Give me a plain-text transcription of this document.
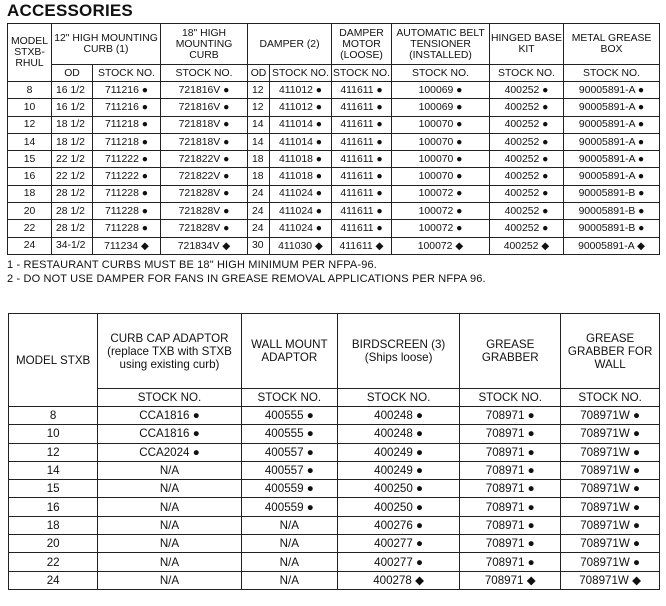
ACCESSORIES
MODEL STXB-RHUL	12" HIGH MOUNTING CURB (1)		18" HIGH MOUNTING CURB	DAMPER (2)		DAMPER MOTOR (LOOSE)	AUTOMATIC BELT TENSIONER (INSTALLED)	HINGED BASE KIT	METAL GREASE BOX
	OD	STOCK NO.	STOCK NO.	OD	STOCK NO.	STOCK NO.	STOCK NO.	STOCK NO.	STOCK NO.
8	16 1/2	711216 ●	721816V ●	12	411012 ●	411611 ●	100069 ●	400252 ●	90005891-A ●
10	16 1/2	711216 ●	721816V ●	12	411012 ●	411611 ●	100069 ●	400252 ●	90005891-A ●
12	18 1/2	711218 ●	721818V ●	14	411014 ●	411611 ●	100070 ●	400252 ●	90005891-A ●
14	18 1/2	711218 ●	721818V ●	14	411014 ●	411611 ●	100070 ●	400252 ●	90005891-A ●
15	22 1/2	711222 ●	721822V ●	18	411018 ●	411611 ●	100070 ●	400252 ●	90005891-A ●
16	22 1/2	711222 ●	721822V ●	18	411018 ●	411611 ●	100070 ●	400252 ●	90005891-A ●
18	28 1/2	711228 ●	721828V ●	24	411024 ●	411611 ●	100072 ●	400252 ●	90005891-B ●
20	28 1/2	711228 ●	721828V ●	24	411024 ●	411611 ●	100072 ●	400252 ●	90005891-B ●
22	28 1/2	711228 ●	721828V ●	24	411024 ●	411611 ●	100072 ●	400252 ●	90005891-B ●
24	34-1/2	711234 ◆	721834V ◆	30	411030 ◆	411611 ◆	100072 ◆	400252 ◆	90005891-A ◆
1 - RESTAURANT CURBS MUST BE 18" HIGH MINIMUM PER NFPA-96.
2 - DO NOT USE DAMPER FOR FANS IN GREASE REMOVAL APPLICATIONS PER NFPA 96.
MODEL STXB	CURB CAP ADAPTOR (replace TXB with STXB using existing curb)	WALL MOUNT ADAPTOR	BIRDSCREEN (3) (Ships loose)	GREASE GRABBER	GREASE GRABBER FOR WALL
	STOCK NO.	STOCK NO.	STOCK NO.	STOCK NO.	STOCK NO.
8	CCA1816 ●	400555 ●	400248 ●	708971 ●	708971W ●
10	CCA1816 ●	400555 ●	400248 ●	708971 ●	708971W ●
12	CCA2024 ●	400557 ●	400249 ●	708971 ●	708971W ●
14	N/A	400557 ●	400249 ●	708971 ●	708971W ●
15	N/A	400559 ●	400250 ●	708971 ●	708971W ●
16	N/A	400559 ●	400250 ●	708971 ●	708971W ●
18	N/A	N/A	400276 ●	708971 ●	708971W ●
20	N/A	N/A	400277 ●	708971 ●	708971W ●
22	N/A	N/A	400277 ●	708971 ●	708971W ●
24	N/A	N/A	400278 ◆	708971 ◆	708971W ◆
